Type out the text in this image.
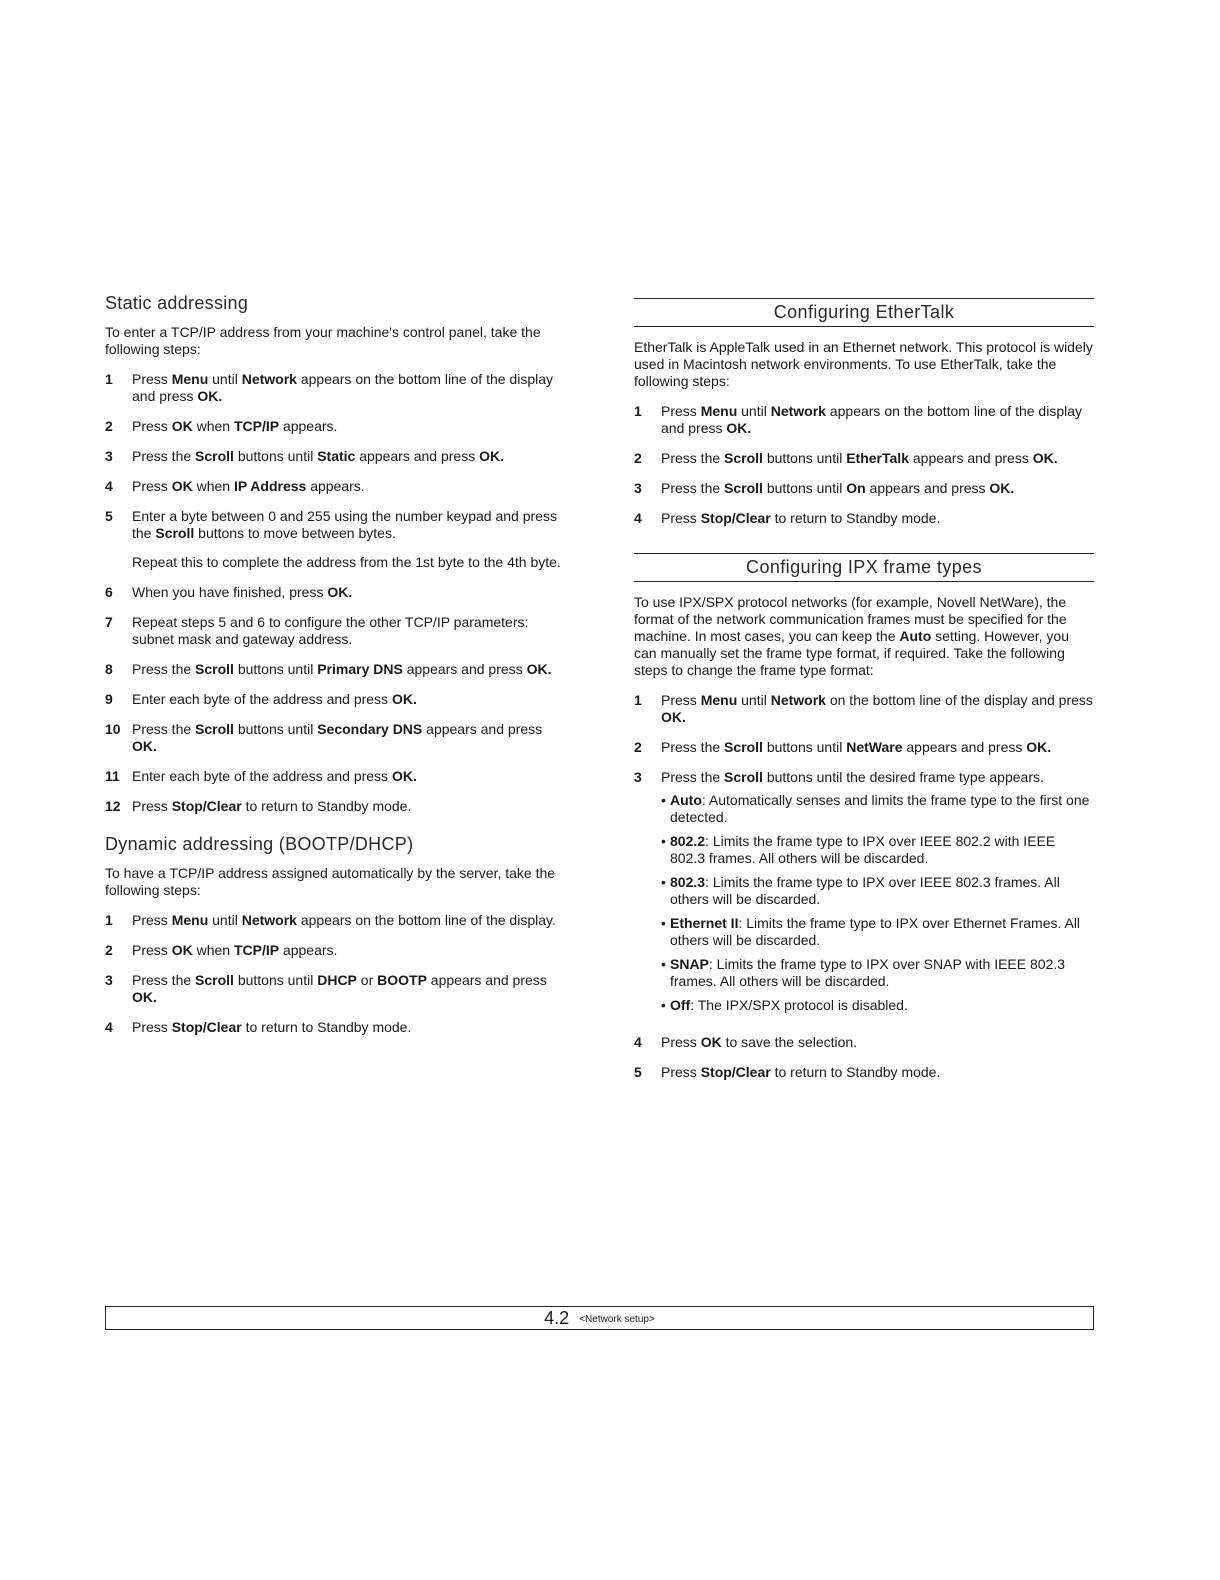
Static addressing

To enter a TCP/IP address from your machine's control panel, take the following steps:

1	Press Menu until Network appears on the bottom line of the display and press OK.
2	Press OK when TCP/IP appears.
3	Press the Scroll buttons until Static appears and press OK.
4	Press OK when IP Address appears.
5	Enter a byte between 0 and 255 using the number keypad and press the Scroll buttons to move between bytes.
Repeat this to complete the address from the 1st byte to the 4th byte.
6	When you have finished, press OK.
7	Repeat steps 5 and 6 to configure the other TCP/IP parameters: subnet mask and gateway address.
8	Press the Scroll buttons until Primary DNS appears and press OK.
9	Enter each byte of the address and press OK.
10 Press the Scroll buttons until Secondary DNS appears and press OK.
11 Enter each byte of the address and press OK.
12 Press Stop/Clear to return to Standby mode.
Dynamic addressing (BOOTP/DHCP)

To have a TCP/IP address assigned automatically by the server, take the following steps:

1	Press Menu until Network appears on the bottom line of the display.
2	Press OK when TCP/IP appears.
3	Press the Scroll buttons until DHCP or BOOTP appears and press OK.
4	Press Stop/Clear to return to Standby mode.
Configuring EtherTalk

EtherTalk is AppleTalk used in an Ethernet network. This protocol is widely used in Macintosh network environments. To use EtherTalk, take the following steps:

1	Press Menu until Network appears on the bottom line of the display and press OK.
2	Press the Scroll buttons until EtherTalk appears and press OK.
3	Press the Scroll buttons until On appears and press OK.
4	Press Stop/Clear to return to Standby mode.
Configuring IPX frame types

To use IPX/SPX protocol networks (for example, Novell NetWare), the format of the network communication frames must be specified for the machine. In most cases, you can keep the Auto setting. However, you can manually set the frame type format, if required. Take the following steps to change the frame type format:

1	Press Menu until Network on the bottom line of the display and press OK.
2	Press the Scroll buttons until NetWare appears and press OK.
3	Press the Scroll buttons until the desired frame type appears.
• Auto: Automatically senses and limits the frame type to the first one detected.
• 802.2: Limits the frame type to IPX over IEEE 802.2 with IEEE 802.3 frames. All others will be discarded.
• 802.3: Limits the frame type to IPX over IEEE 802.3 frames. All others will be discarded.
• Ethernet II: Limits the frame type to IPX over Ethernet Frames. All others will be discarded.
• SNAP: Limits the frame type to IPX over SNAP with IEEE 802.3 frames. All others will be discarded.
• Off: The IPX/SPX protocol is disabled.
4	Press OK to save the selection.
5	Press Stop/Clear to return to Standby mode.
4.2 <Network setup>
